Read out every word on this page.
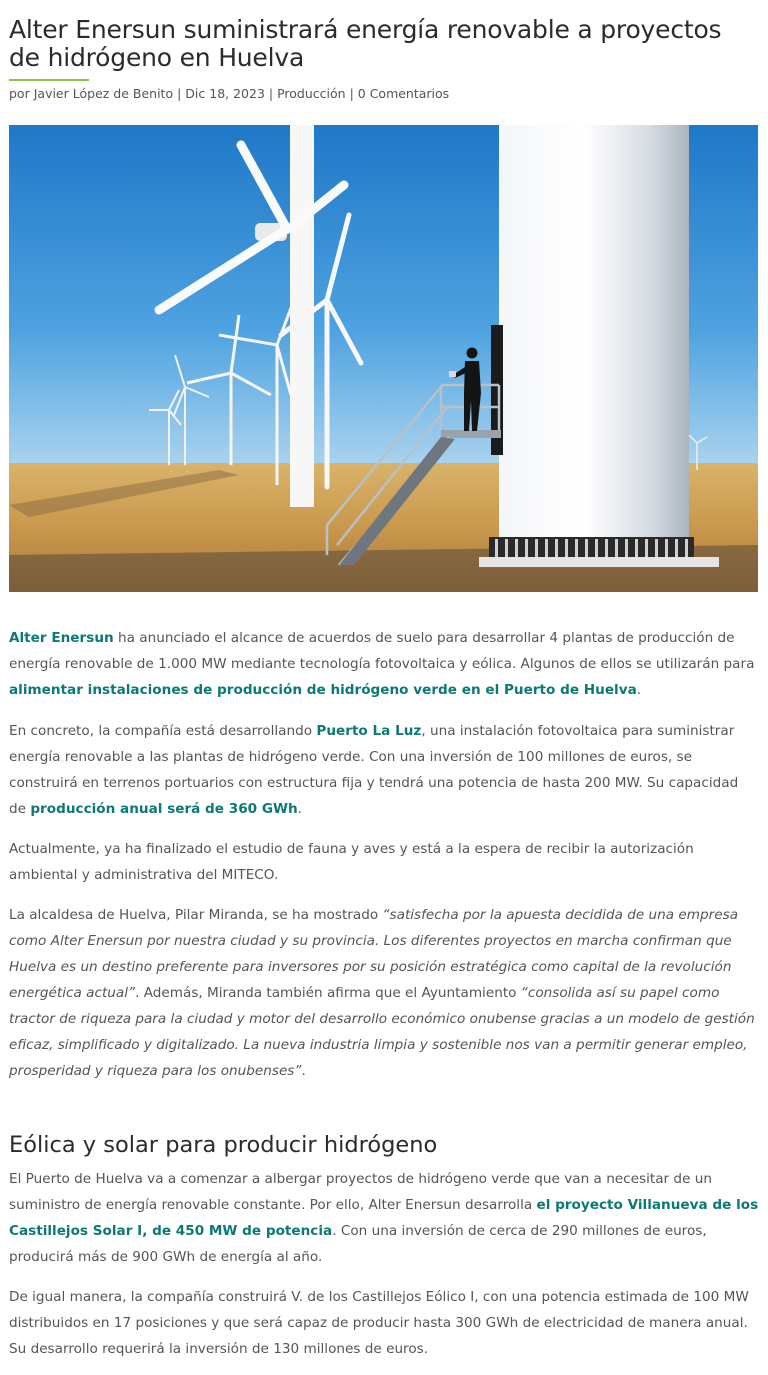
Alter Enersun suministrará energía renovable a proyectos de hidrógeno en Huelva
por Javier López de Benito | Dic 18, 2023 | Producción | 0 Comentarios

Alter Enersun ha anunciado el alcance de acuerdos de suelo para desarrollar 4 plantas de producción de energía renovable de 1.000 MW mediante tecnología fotovoltaica y eólica. Algunos de ellos se utilizarán para alimentar instalaciones de producción de hidrógeno verde en el Puerto de Huelva.

En concreto, la compañía está desarrollando Puerto La Luz, una instalación fotovoltaica para suministrar energía renovable a las plantas de hidrógeno verde. Con una inversión de 100 millones de euros, se construirá en terrenos portuarios con estructura fija y tendrá una potencia de hasta 200 MW. Su capacidad de producción anual será de 360 GWh.

Actualmente, ya ha finalizado el estudio de fauna y aves y está a la espera de recibir la autorización ambiental y administrativa del MITECO.

La alcaldesa de Huelva, Pilar Miranda, se ha mostrado “satisfecha por la apuesta decidida de una empresa como Alter Enersun por nuestra ciudad y su provincia. Los diferentes proyectos en marcha confirman que Huelva es un destino preferente para inversores por su posición estratégica como capital de la revolución energética actual”. Además, Miranda también afirma que el Ayuntamiento “consolida así su papel como tractor de riqueza para la ciudad y motor del desarrollo económico onubense gracias a un modelo de gestión eficaz, simplificado y digitalizado. La nueva industria limpia y sostenible nos van a permitir generar empleo, prosperidad y riqueza para los onubenses”.

Eólica y solar para producir hidrógeno

El Puerto de Huelva va a comenzar a albergar proyectos de hidrógeno verde que van a necesitar de un suministro de energía renovable constante. Por ello, Alter Enersun desarrolla el proyecto Villanueva de los Castillejos Solar I, de 450 MW de potencia. Con una inversión de cerca de 290 millones de euros, producirá más de 900 GWh de energía al año.

De igual manera, la compañía construirá V. de los Castillejos Eólico I, con una potencia estimada de 100 MW distribuidos en 17 posiciones y que será capaz de producir hasta 300 GWh de electricidad de manera anual. Su desarrollo requerirá la inversión de 130 millones de euros.
